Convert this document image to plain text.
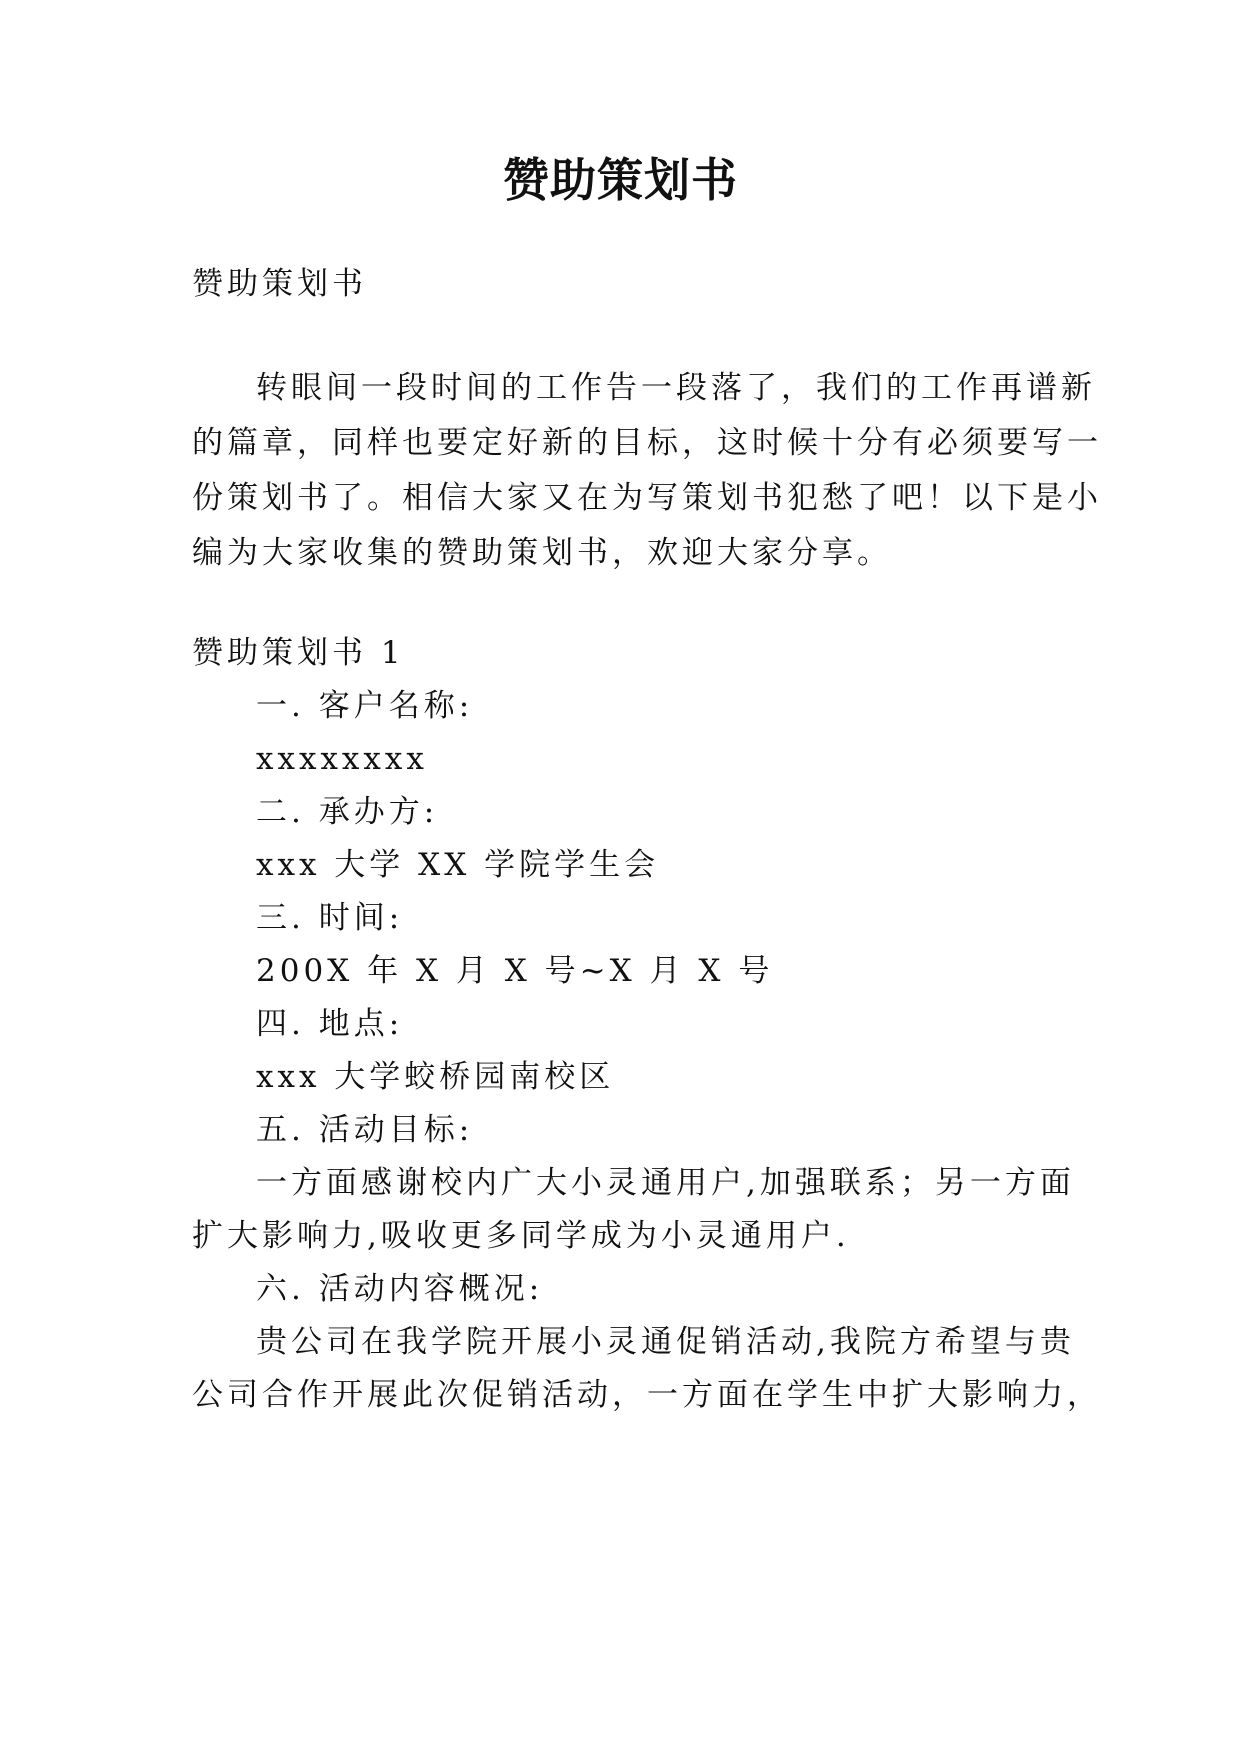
赞助策划书
赞助策划书
转眼间一段时间的工作告一段落了，我们的工作再谱新
的篇章，同样也要定好新的目标，这时候十分有必须要写一
份策划书了。相信大家又在为写策划书犯愁了吧！以下是小
编为大家收集的赞助策划书，欢迎大家分享。
赞助策划书 1
一. 客户名称:
xxxxxxxx
二. 承办方:
xxx 大学 XX 学院学生会
三. 时间:
200X 年 X 月 X 号~X 月 X 号
四. 地点:
xxx 大学蛟桥园南校区
五. 活动目标:
一方面感谢校内广大小灵通用户,加强联系；另一方面
扩大影响力,吸收更多同学成为小灵通用户.
六. 活动内容概况:
贵公司在我学院开展小灵通促销活动,我院方希望与贵
公司合作开展此次促销活动，一方面在学生中扩大影响力，
